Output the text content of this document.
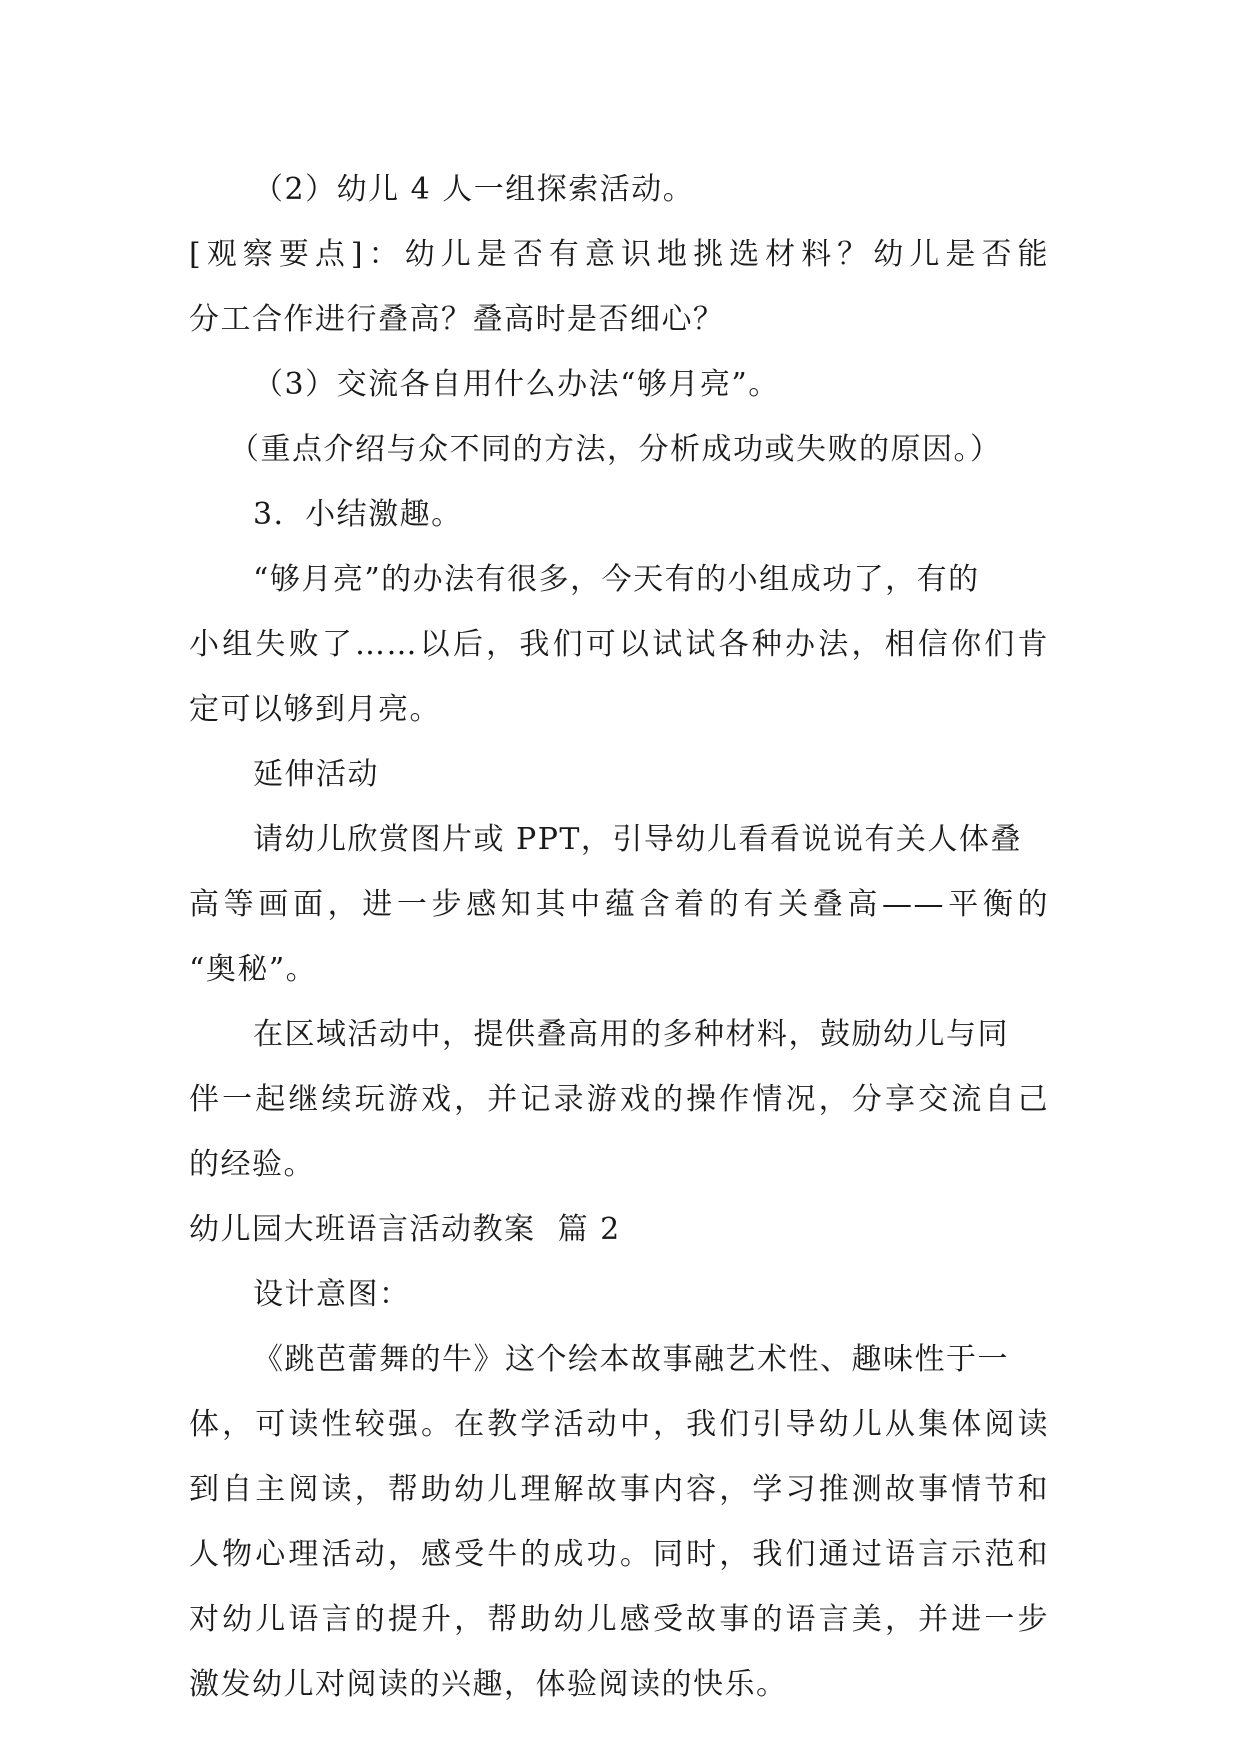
（2）幼儿 4 人一组探索活动。
[观察要点]：幼儿是否有意识地挑选材料？幼儿是否能
分工合作进行叠高？叠高时是否细心？
（3）交流各自用什么办法“够月亮”。
（重点介绍与众不同的方法，分析成功或失败的原因。）
3．小结激趣。
“够月亮”的办法有很多，今天有的小组成功了，有的
小组失败了……以后，我们可以试试各种办法，相信你们肯
定可以够到月亮。
延伸活动
请幼儿欣赏图片或 PPT，引导幼儿看看说说有关人体叠
高等画面，进一步感知其中蕴含着的有关叠高——平衡的
“奥秘”。
在区域活动中，提供叠高用的多种材料，鼓励幼儿与同
伴一起继续玩游戏，并记录游戏的操作情况，分享交流自己
的经验。
幼儿园大班语言活动教案  篇 2
设计意图：
《跳芭蕾舞的牛》这个绘本故事融艺术性、趣味性于一
体，可读性较强。在教学活动中，我们引导幼儿从集体阅读
到自主阅读，帮助幼儿理解故事内容，学习推测故事情节和
人物心理活动，感受牛的成功。同时，我们通过语言示范和
对幼儿语言的提升，帮助幼儿感受故事的语言美，并进一步
激发幼儿对阅读的兴趣，体验阅读的快乐。
